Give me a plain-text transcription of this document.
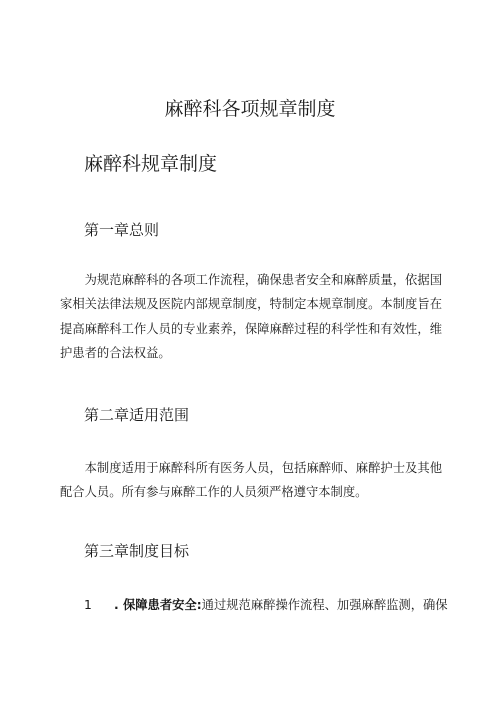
麻醉科各项规章制度
麻醉科规章制度
第一章总则

为规范麻醉科的各项工作流程，确保患者安全和麻醉质量，依据国家相关法律法规及医院内部规章制度，特制定本规章制度。本制度旨在提高麻醉科工作人员的专业素养，保障麻醉过程的科学性和有效性，维护患者的合法权益。

第二章适用范围

本制度适用于麻醉科所有医务人员，包括麻醉师、麻醉护士及其他配合人员。所有参与麻醉工作的人员须严格遵守本制度。

第三章制度目标
1 . 保障患者安全:通过规范麻醉操作流程、加强麻醉监测，确保
